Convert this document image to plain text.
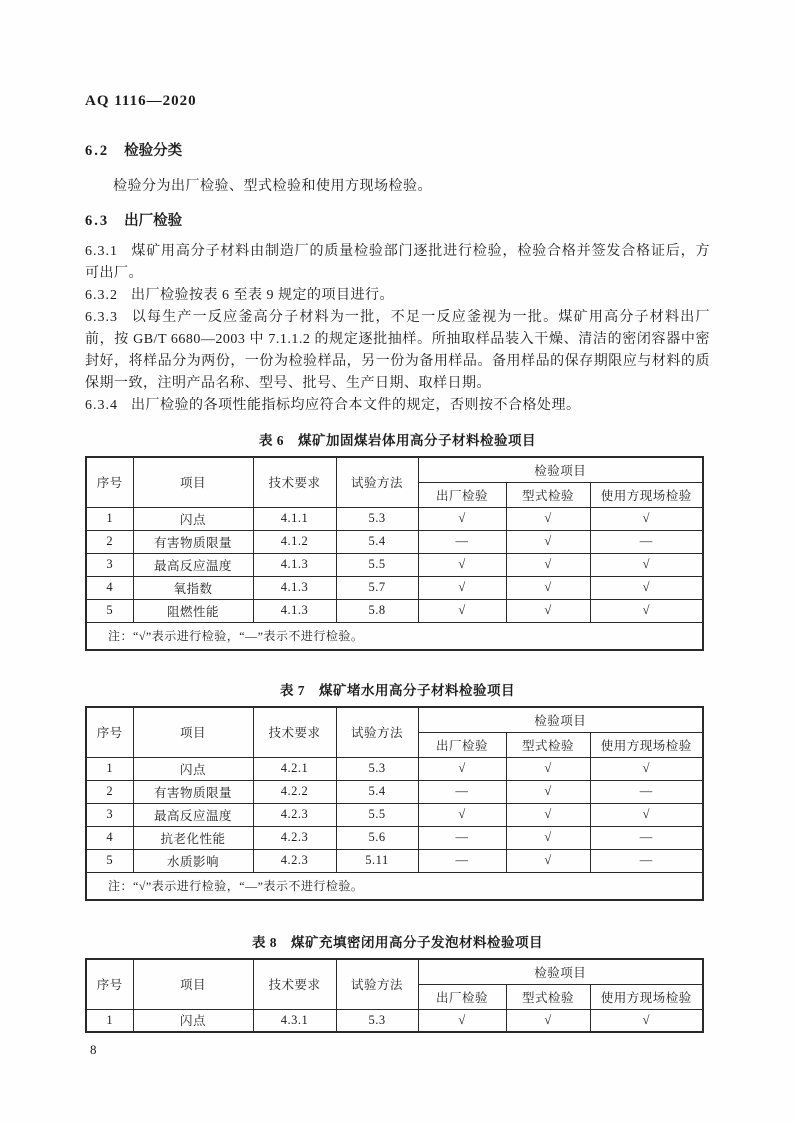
AQ 1116—2020
6.2 检验分类

检验分为出厂检验、型式检验和使用方现场检验。

6.3 出厂检验

6.3.1 煤矿用高分子材料由制造厂的质量检验部门逐批进行检验，检验合格并签发合格证后，方可出厂。

6.3.2 出厂检验按表 6 至表 9 规定的项目进行。

6.3.3 以每生产一反应釜高分子材料为一批，不足一反应釜视为一批。煤矿用高分子材料出厂前，按 GB/T 6680—2003 中 7.1.1.2 的规定逐批抽样。所抽取样品装入干燥、清洁的密闭容器中密封好，将样品分为两份，一份为检验样品，另一份为备用样品。备用样品的保存期限应与材料的质保期一致，注明产品名称、型号、批号、生产日期、取样日期。

6.3.4 出厂检验的各项性能指标均应符合本文件的规定，否则按不合格处理。

表 6　煤矿加固煤岩体用高分子材料检验项目
序号	项目	技术要求	试验方法	检验项目		
				出厂检验	型式检验	使用方现场检验
1	闪点	4.1.1	5.3	√	√	√
2	有害物质限量	4.1.2	5.4	—	√	—
3	最高反应温度	4.1.3	5.5	√	√	√
4	氧指数	4.1.3	5.7	√	√	√
5	阻燃性能	4.1.3	5.8	√	√	√
注：“√”表示进行检验，“—”表示不进行检验。						
表 7　煤矿堵水用高分子材料检验项目
序号	项目	技术要求	试验方法	检验项目		
				出厂检验	型式检验	使用方现场检验
1	闪点	4.2.1	5.3	√	√	√
2	有害物质限量	4.2.2	5.4	—	√	—
3	最高反应温度	4.2.3	5.5	√	√	√
4	抗老化性能	4.2.3	5.6	—	√	—
5	水质影响	4.2.3	5.11	—	√	—
注：“√”表示进行检验，“—”表示不进行检验。						
表 8　煤矿充填密闭用高分子发泡材料检验项目
序号	项目	技术要求	试验方法	检验项目		
				出厂检验	型式检验	使用方现场检验
1	闪点	4.3.1	5.3	√	√	√
8
